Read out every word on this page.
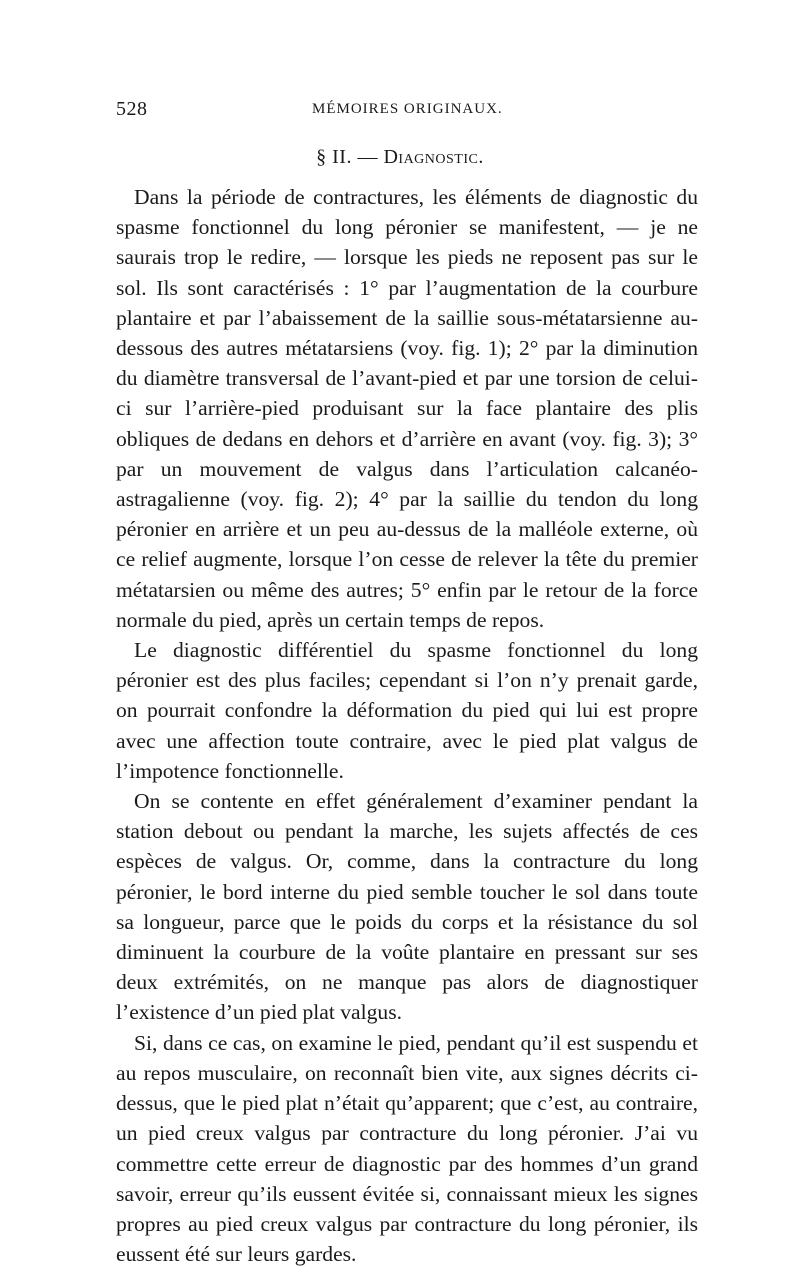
528	MÉMOIRES ORIGINAUX.
§ II. — Diagnostic.

Dans la période de contractures, les éléments de diagnostic du spasme fonctionnel du long péronier se manifestent, — je ne saurais trop le redire, — lorsque les pieds ne reposent pas sur le sol. Ils sont caractérisés : 1° par l’augmentation de la courbure plantaire et par l’abaissement de la saillie sous-métatarsienne au-dessous des autres métatarsiens (voy. fig. 1); 2° par la diminution du diamètre transversal de l’avant-pied et par une torsion de celui-ci sur l’arrière-pied produisant sur la face plantaire des plis obliques de dedans en dehors et d’arrière en avant (voy. fig. 3); 3° par un mouvement de valgus dans l’articulation calcanéo-astragalienne (voy. fig. 2); 4° par la saillie du tendon du long péronier en arrière et un peu au-dessus de la malléole externe, où ce relief augmente, lorsque l’on cesse de relever la tête du premier métatarsien ou même des autres; 5° enfin par le retour de la force normale du pied, après un certain temps de repos.

Le diagnostic différentiel du spasme fonctionnel du long péronier est des plus faciles; cependant si l’on n’y prenait garde, on pourrait confondre la déformation du pied qui lui est propre avec une affection toute contraire, avec le pied plat valgus de l’impotence fonctionnelle.

On se contente en effet généralement d’examiner pendant la station debout ou pendant la marche, les sujets affectés de ces espèces de valgus. Or, comme, dans la contracture du long péronier, le bord interne du pied semble toucher le sol dans toute sa longueur, parce que le poids du corps et la résistance du sol diminuent la courbure de la voûte plantaire en pressant sur ses deux extrémités, on ne manque pas alors de diagnostiquer l’existence d’un pied plat valgus.

Si, dans ce cas, on examine le pied, pendant qu’il est suspendu et au repos musculaire, on reconnaît bien vite, aux signes décrits ci-dessus, que le pied plat n’était qu’apparent; que c’est, au contraire, un pied creux valgus par contracture du long péronier. J’ai vu commettre cette erreur de diagnostic par des hommes d’un grand savoir, erreur qu’ils eussent évitée si, connaissant mieux les signes propres au pied creux valgus par contracture du long péronier, ils eussent été sur leurs gardes.
